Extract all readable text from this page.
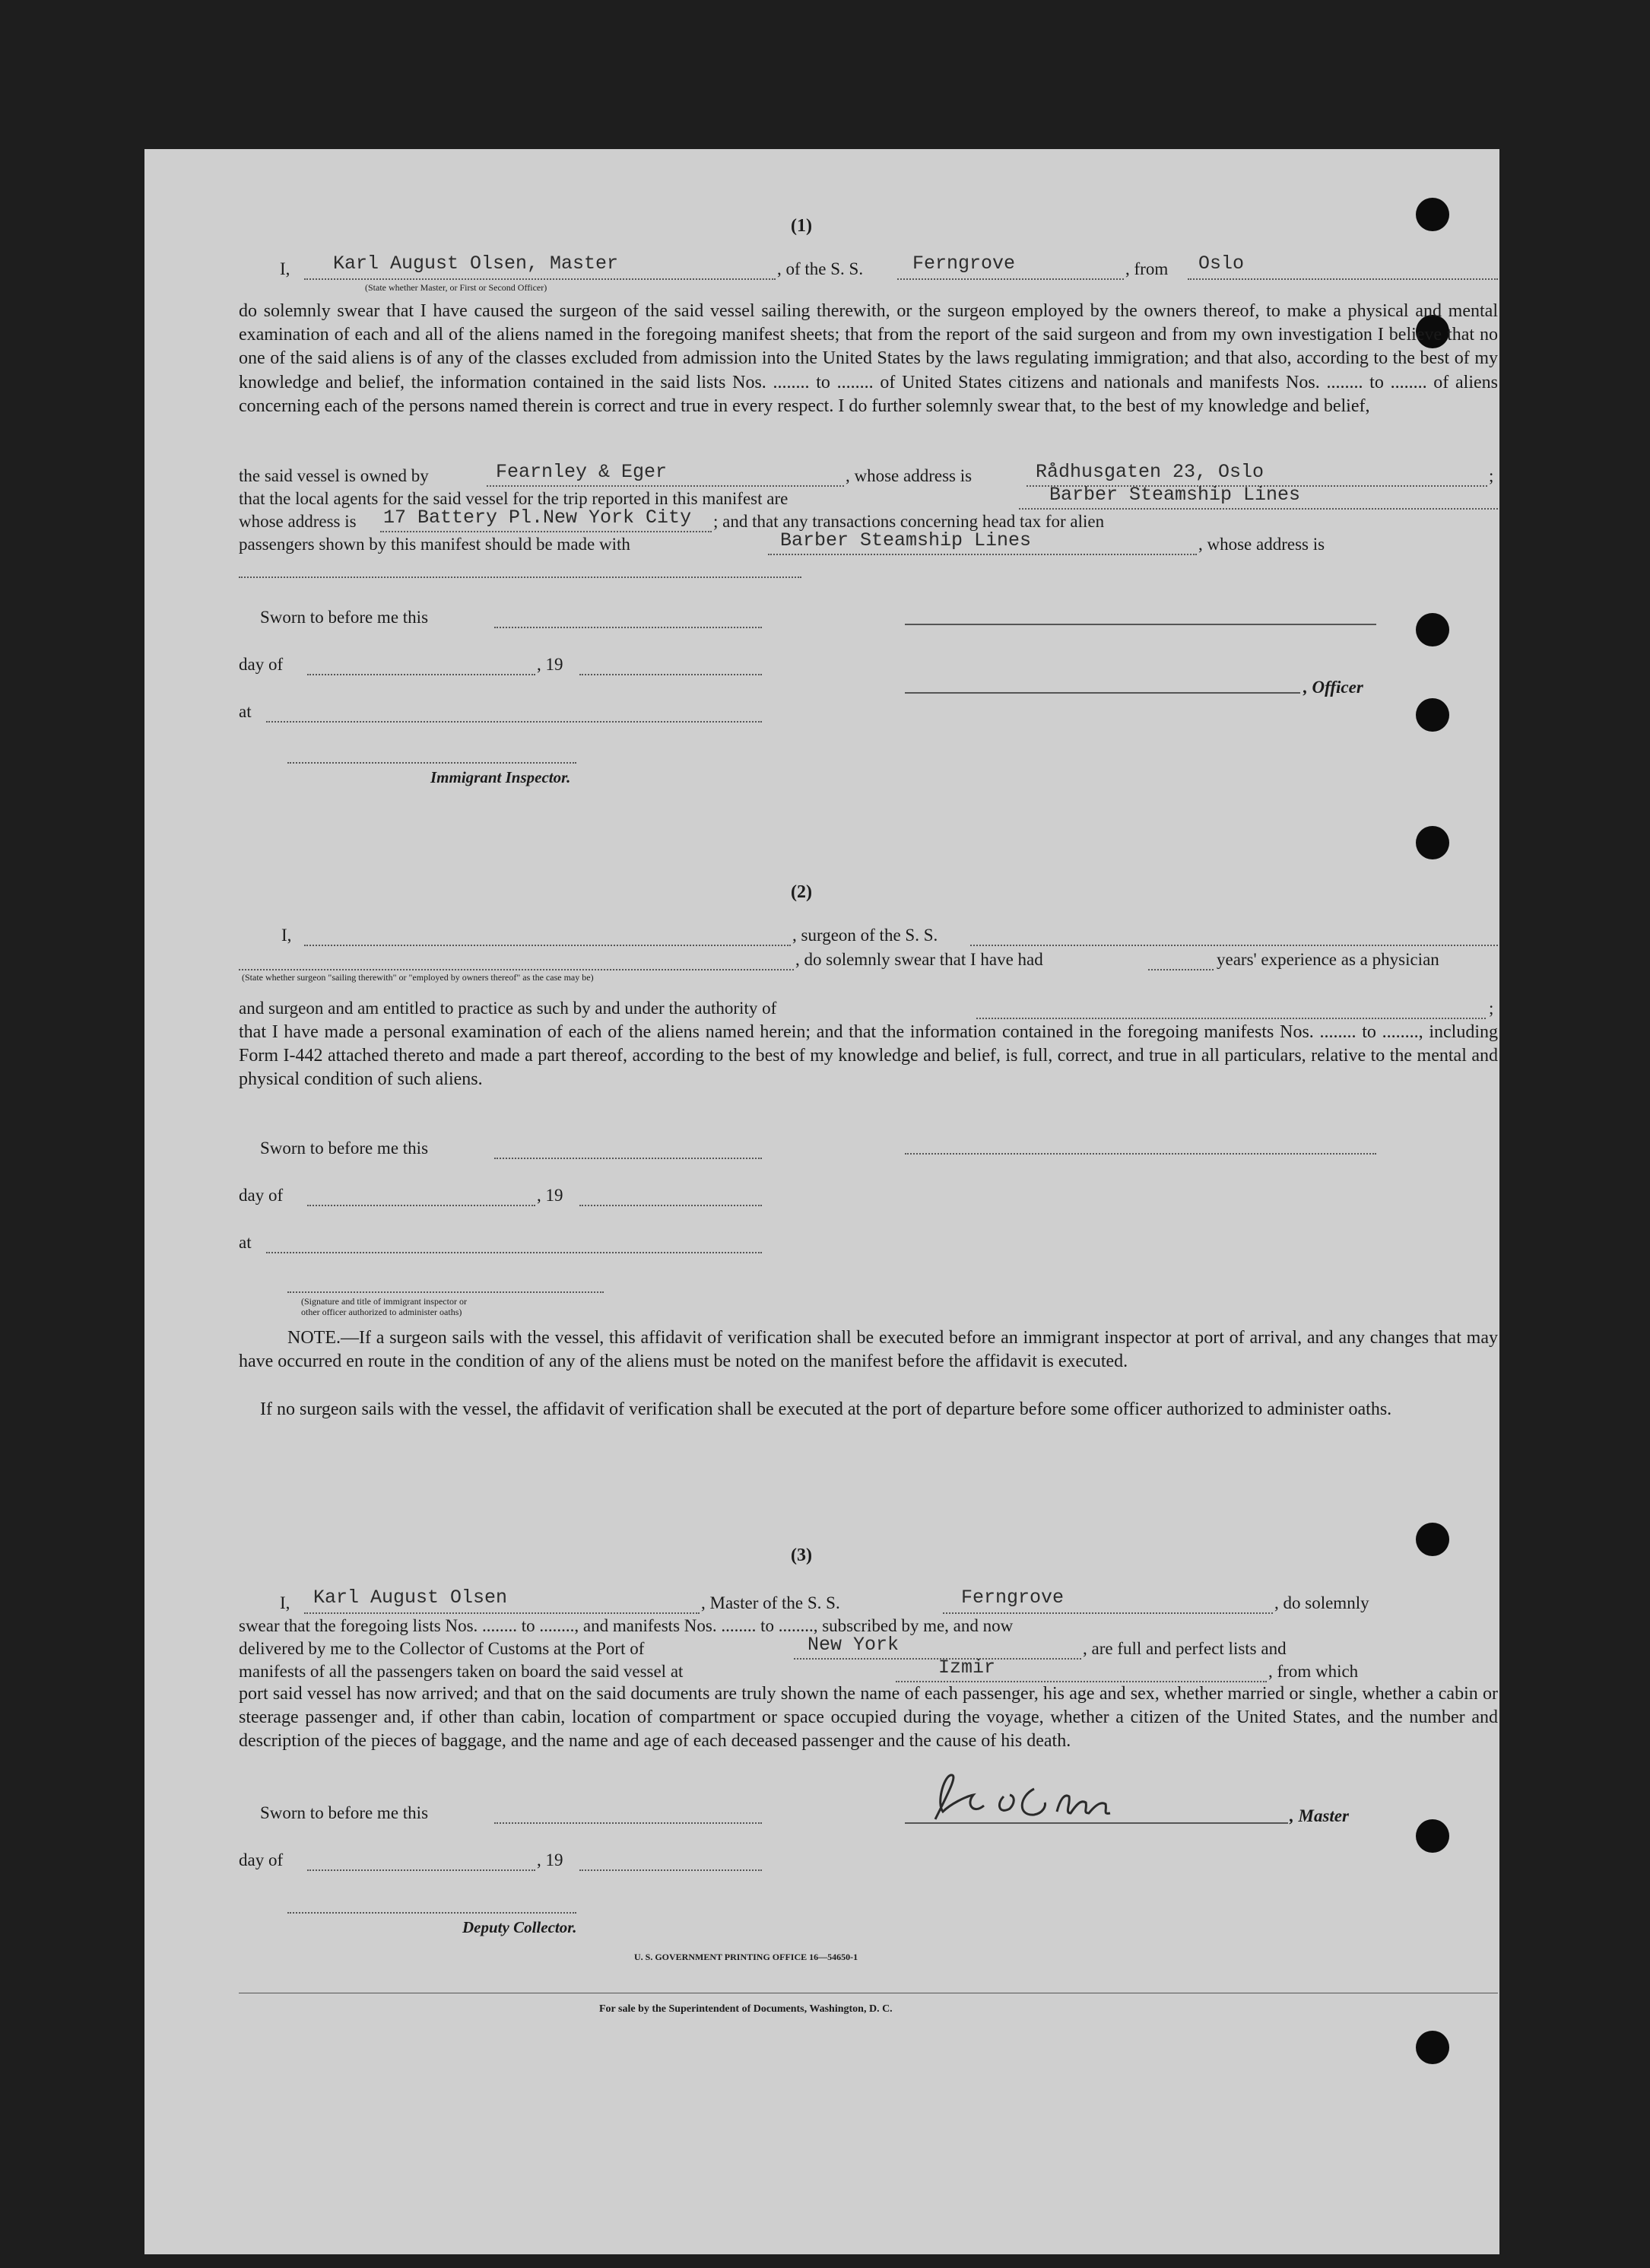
(1)
I, Karl August Olsen, Master
(State whether Master, or First or Second Officer)
, of the S. S.	Ferngrove	, from Oslo
do solemnly swear that I have caused the surgeon of the said vessel sailing therewith, or the surgeon employed by the owners thereof, to make a physical and mental examination of each and all of the aliens named in the foregoing manifest sheets; that from the report of the said surgeon and from my own investigation I believe that no one of the said aliens is of any of the classes excluded from admission into the United States by the laws regulating immigration; and that also, according to the best of my knowledge and belief, the information contained in the said lists Nos. ........ to ........ of United States citizens and nationals and manifests Nos. ........ to ........ of aliens concerning each of the persons named therein is correct and true in every respect. I do further solemnly swear that, to the best of my knowledge and belief,
the said vessel is owned by	Fearnley & Eger	, whose address is	Rådhusgaten 23, Oslo	;
that the local agents for the said vessel for the trip reported in this manifest are	Barber Steamship Lines
whose address is 17 Battery Pl.New York City ; and that any transactions concerning head tax for alien
passengers shown by this manifest should be made with	Barber Steamship Lines	, whose address is
Sworn to before me this
day of	, 19
, Officer
at
Immigrant Inspector.
(2)
I,	, surgeon of the S. S.
(State whether surgeon "sailing therewith" or "employed by owners thereof" as the case may be)
, do solemnly swear that I have had	years' experience as a physician
and surgeon and am entitled to practice as such by and under the authority of	;
that I have made a personal examination of each of the aliens named herein; and that the information contained in the foregoing manifests Nos. ........ to ........, including Form I-442 attached thereto and made a part thereof, according to the best of my knowledge and belief, is full, correct, and true in all particulars, relative to the mental and physical condition of such aliens.
Sworn to before me this
day of	, 19
at
(Signature and title of immigrant inspector or
other officer authorized to administer oaths)
NOTE.—If a surgeon sails with the vessel, this affidavit of verification shall be executed before an immigrant inspector at port of arrival, and any changes that may have occurred en route in the condition of any of the aliens must be noted on the manifest before the affidavit is executed.
If no surgeon sails with the vessel, the affidavit of verification shall be executed at the port of departure before some officer authorized to administer oaths.
(3)
I, Karl August Olsen	, Master of the S. S.	Ferngrove	, do solemnly
swear that the foregoing lists Nos. ........ to ........, and manifests Nos. ........ to ........, subscribed by me, and now
delivered by me to the Collector of Customs at the Port of	New York	, are full and perfect lists and
manifests of all the passengers taken on board the said vessel at	Izmir	, from which
port said vessel has now arrived; and that on the said documents are truly shown the name of each passenger, his age and sex, whether married or single, whether a cabin or steerage passenger and, if other than cabin, location of compartment or space occupied during the voyage, whether a citizen of the United States, and the number and description of the pieces of baggage, and the name and age of each deceased passenger and the cause of his death.
Sworn to before me this	, Master
day of	, 19
Deputy Collector.
U. S. GOVERNMENT PRINTING OFFICE 16—54650-1
For sale by the Superintendent of Documents, Washington, D. C.
